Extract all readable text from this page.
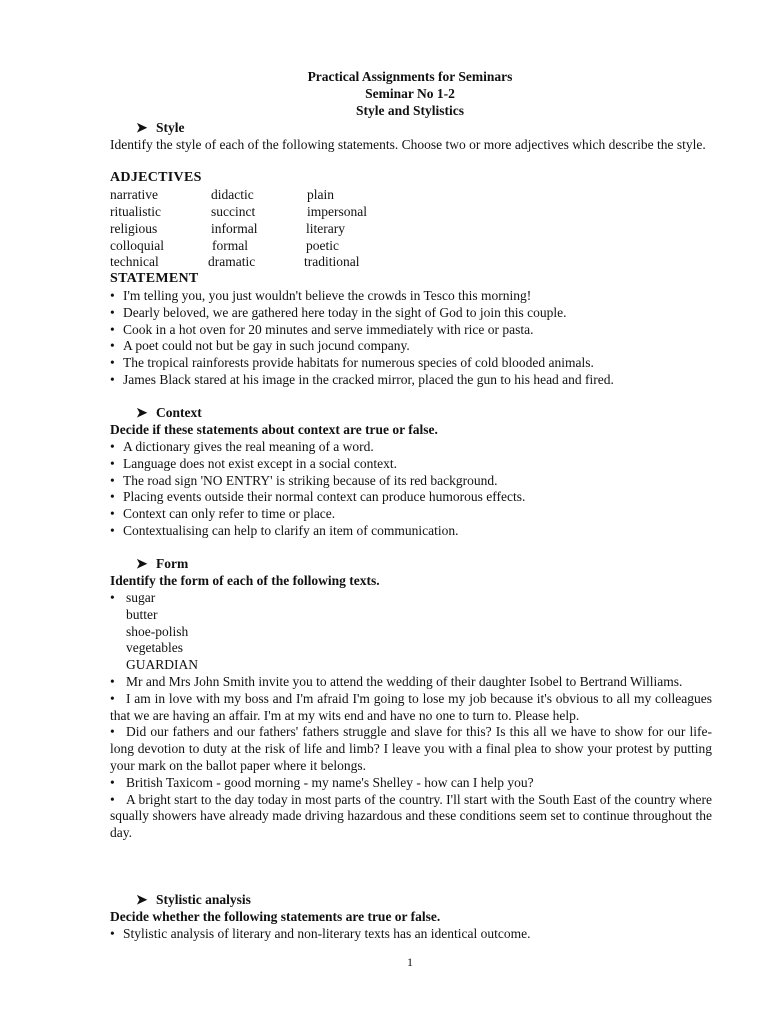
Practical Assignments for Seminars
Seminar No 1-2
Style and Stylistics
➤ Style
Identify the style of each of the following statements. Choose two or more adjectives which describe the style.
ADJECTIVES
narrative	didactic	plain
ritualistic	succinct	impersonal
religious	informal	literary
colloquial	formal	poetic
technical	dramatic	traditional
STATEMENT
• I'm telling you, you just wouldn't believe the crowds in Tesco this morning!
• Dearly beloved, we are gathered here today in the sight of God to join this couple.
• Cook in a hot oven for 20 minutes and serve immediately with rice or pasta.
• A poet could not but be gay in such jocund company.
• The tropical rainforests provide habitats for numerous species of cold blooded animals.
• James Black stared at his image in the cracked mirror, placed the gun to his head and fired.
➤ Context
Decide if these statements about context are true or false.
• A dictionary gives the real meaning of a word.
• Language does not exist except in a social context.
• The road sign 'NO ENTRY' is striking because of its red background.
• Placing events outside their normal context can produce humorous effects.
• Context can only refer to time or place.
• Contextualising can help to clarify an item of communication.
➤ Form
Identify the form of each of the following texts.
• sugar
butter
shoe-polish
vegetables
GUARDIAN
• Mr and Mrs John Smith invite you to attend the wedding of their daughter Isobel to Bertrand Williams.
• I am in love with my boss and I'm afraid I'm going to lose my job because it's obvious to all my colleagues that we are having an affair. I'm at my wits end and have no one to turn to. Please help.
• Did our fathers and our fathers' fathers struggle and slave for this? Is this all we have to show for our life-long devotion to duty at the risk of life and limb? I leave you with a final plea to show your protest by putting your mark on the ballot paper where it belongs.
• British Taxicom - good morning - my name's Shelley - how can I help you?
• A bright start to the day today in most parts of the country. I'll start with the South East of the country where squally showers have already made driving hazardous and these conditions seem set to continue throughout the day.
➤ Stylistic analysis
Decide whether the following statements are true or false.
• Stylistic analysis of literary and non-literary texts has an identical outcome.
1
